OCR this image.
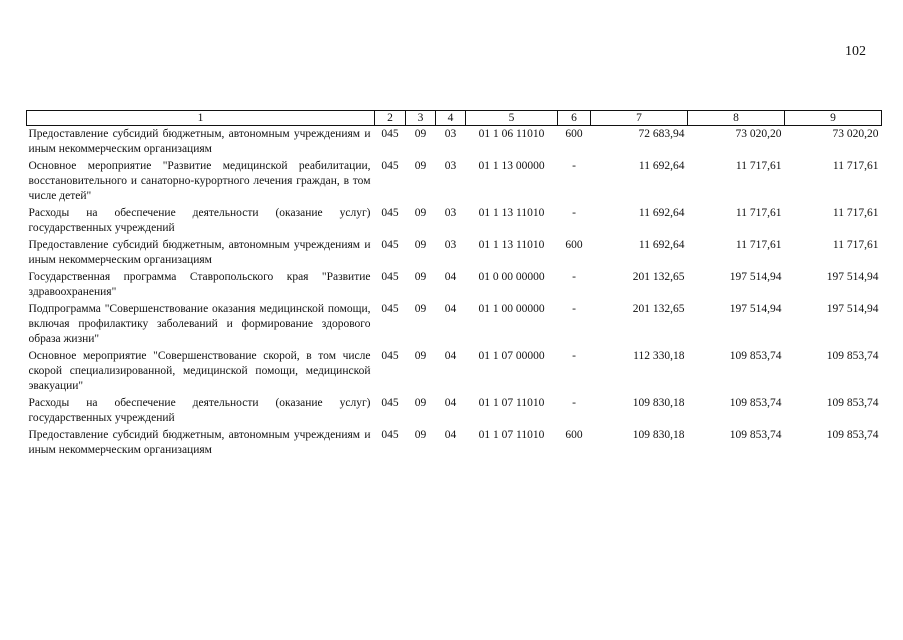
102
1	2	3	4	5	6	7	8	9
Предоставление субсидий бюджетным, автономным учреждениям и иным некоммерческим организациям	045	09	03	01 1 06 11010	600	72 683,94	73 020,20	73 020,20
Основное мероприятие "Развитие медицинской реабилитации, восстановительного и санаторно-курортного лечения граждан, в том числе детей"	045	09	03	01 1 13 00000	-	11 692,64	11 717,61	11 717,61
Расходы на обеспечение деятельности (оказание услуг) государственных учреждений	045	09	03	01 1 13 11010	-	11 692,64	11 717,61	11 717,61
Предоставление субсидий бюджетным, автономным учреждениям и иным некоммерческим организациям	045	09	03	01 1 13 11010	600	11 692,64	11 717,61	11 717,61
Государственная программа Ставропольского края "Развитие здравоохранения"	045	09	04	01 0 00 00000	-	201 132,65	197 514,94	197 514,94
Подпрограмма "Совершенствование оказания медицинской помощи, включая профилактику заболеваний и формирование здорового образа жизни"	045	09	04	01 1 00 00000	-	201 132,65	197 514,94	197 514,94
Основное мероприятие "Совершенствование скорой, в том числе скорой специализированной, медицинской помощи, медицинской эвакуации"	045	09	04	01 1 07 00000	-	112 330,18	109 853,74	109 853,74
Расходы на обеспечение деятельности (оказание услуг) государственных учреждений	045	09	04	01 1 07 11010	-	109 830,18	109 853,74	109 853,74
Предоставление субсидий бюджетным, автономным учреждениям и иным некоммерческим организациям	045	09	04	01 1 07 11010	600	109 830,18	109 853,74	109 853,74
